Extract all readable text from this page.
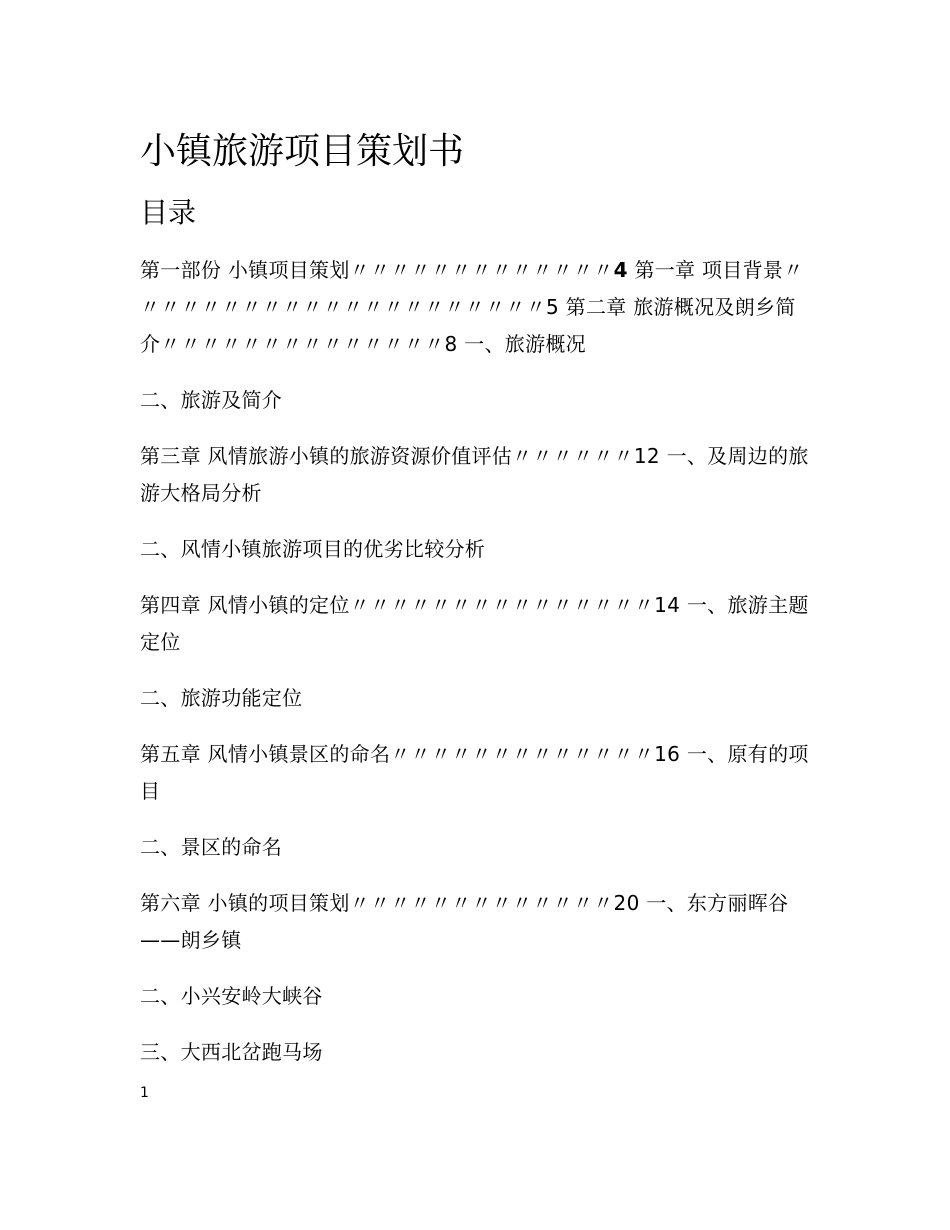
小镇旅游项目策划书
目录

第一部份 小镇项目策划〃〃〃〃〃〃〃〃〃〃〃〃〃4 第一章 项目背景〃〃〃〃〃〃〃〃〃〃〃〃〃〃〃〃〃〃〃〃〃5 第二章 旅游概况及朗乡简介〃〃〃〃〃〃〃〃〃〃〃〃〃〃8 一、旅游概况

二、旅游及简介

第三章 风情旅游小镇的旅游资源价值评估〃〃〃〃〃〃12 一、及周边的旅游大格局分析

二、风情小镇旅游项目的优劣比较分析

第四章 风情小镇的定位〃〃〃〃〃〃〃〃〃〃〃〃〃〃〃14 一、旅游主题定位

二、旅游功能定位

第五章 风情小镇景区的命名〃〃〃〃〃〃〃〃〃〃〃〃〃16 一、原有的项目

二、景区的命名

第六章 小镇的项目策划〃〃〃〃〃〃〃〃〃〃〃〃〃20 一、东方丽晖谷——朗乡镇

二、小兴安岭大峡谷

三、大西北岔跑马场

1
